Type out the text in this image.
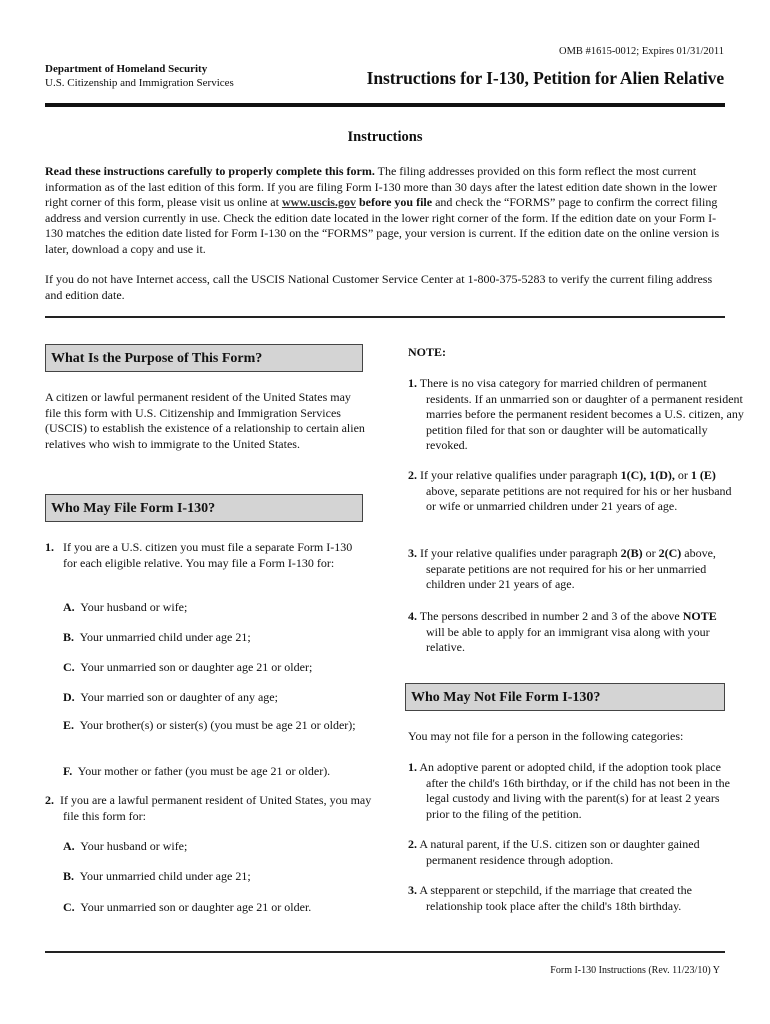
OMB #1615-0012; Expires 01/31/2011
Department of Homeland Security
U.S. Citizenship and Immigration Services	Instructions for I-130, Petition for Alien Relative
Instructions
Read these instructions carefully to properly complete this form. The filing addresses provided on this form reflect the most current information as of the last edition of this form. If you are filing Form I-130 more than 30 days after the latest edition date shown in the lower right corner of this form, please visit us online at www.uscis.gov before you file and check the “FORMS” page to confirm the correct filing address and version currently in use. Check the edition date located in the lower right corner of the form. If the edition date on your Form I-130 matches the edition date listed for Form I-130 on the “FORMS” page, your version is current. If the edition date on the online version is later, download a copy and use it.
If you do not have Internet access, call the USCIS National Customer Service Center at 1-800-375-5283 to verify the current filing address and edition date.
What Is the Purpose of This Form?
A citizen or lawful permanent resident of the United States may file this form with U.S. Citizenship and Immigration Services (USCIS) to establish the existence of a relationship to certain alien relatives who wish to immigrate to the United States.
Who May File Form I-130?
1. If you are a U.S. citizen you must file a separate Form I-130 for each eligible relative. You may file a Form I-130 for:
A. Your husband or wife;
B. Your unmarried child under age 21;
C. Your unmarried son or daughter age 21 or older;
D. Your married son or daughter of any age;
E. Your brother(s) or sister(s) (you must be age 21 or older);
F. Your mother or father (you must be age 21 or older).
2. If you are a lawful permanent resident of United States, you may file this form for:
A. Your husband or wife;
B. Your unmarried child under age 21;
C. Your unmarried son or daughter age 21 or older.
NOTE:
1. There is no visa category for married children of permanent residents. If an unmarried son or daughter of a permanent resident marries before the permanent resident becomes a U.S. citizen, any petition filed for that son or daughter will be automatically revoked.
2. If your relative qualifies under paragraph 1(C), 1(D), or 1 (E) above, separate petitions are not required for his or her husband or wife or unmarried children under 21 years of age.
3. If your relative qualifies under paragraph 2(B) or 2(C) above, separate petitions are not required for his or her unmarried children under 21 years of age.
4. The persons described in number 2 and 3 of the above NOTE will be able to apply for an immigrant visa along with your relative.
Who May Not File Form I-130?
You may not file for a person in the following categories:
1. An adoptive parent or adopted child, if the adoption took place after the child's 16th birthday, or if the child has not been in the legal custody and living with the parent(s) for at least 2 years prior to the filing of the petition.
2. A natural parent, if the U.S. citizen son or daughter gained permanent residence through adoption.
3. A stepparent or stepchild, if the marriage that created the relationship took place after the child's 18th birthday.
Form I-130 Instructions (Rev. 11/23/10) Y
